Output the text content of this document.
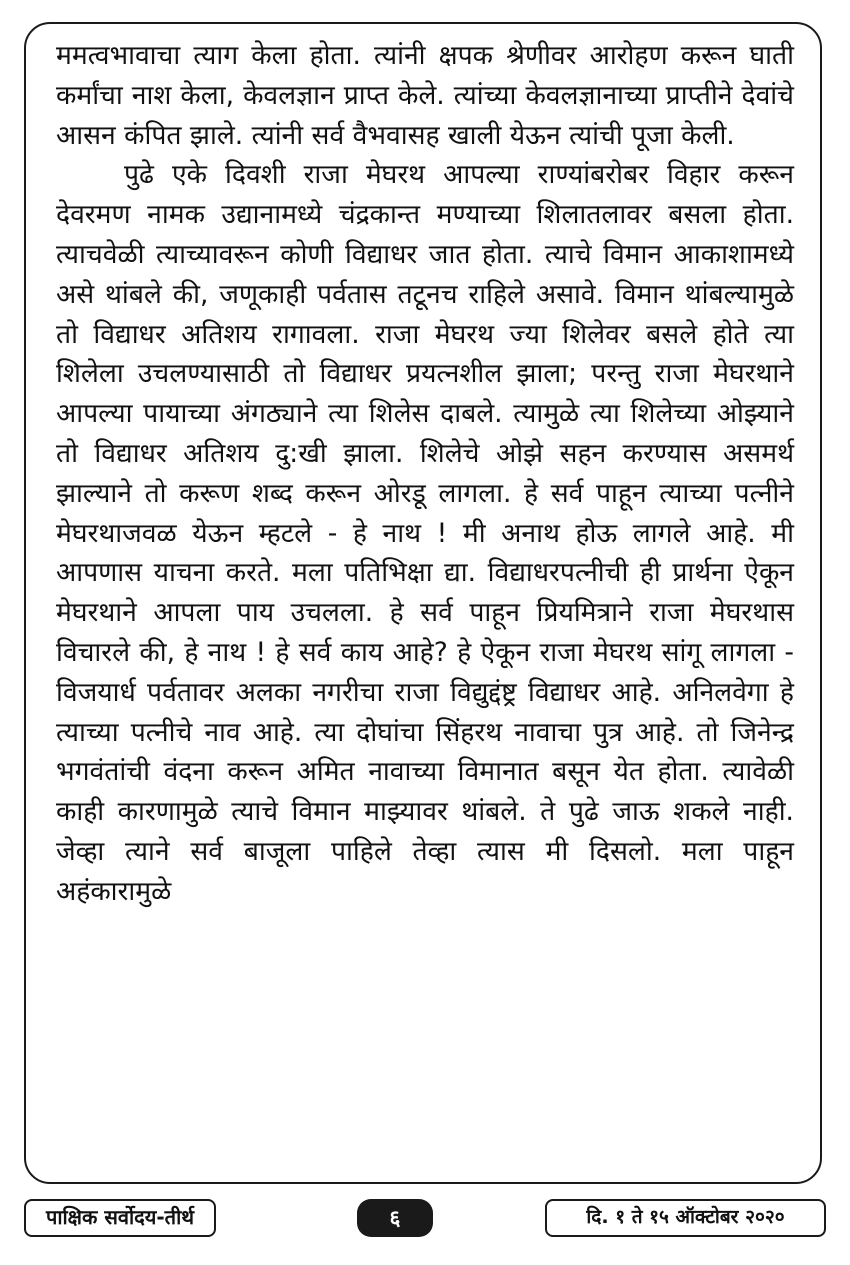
ममत्वभावाचा त्याग केला होता. त्यांनी क्षपक श्रेणीवर आरोहण करून घाती कर्मांचा नाश केला, केवलज्ञान प्राप्त केले. त्यांच्या केवलज्ञानाच्या प्राप्तीने देवांचे आसन कंपित झाले. त्यांनी सर्व वैभवासह खाली येऊन त्यांची पूजा केली.

पुढे एके दिवशी राजा मेघरथ आपल्या राण्यांबरोबर विहार करून देवरमण नामक उद्यानामध्ये चंद्रकान्त मण्याच्या शिलातलावर बसला होता. त्याचवेळी त्याच्यावरून कोणी विद्याधर जात होता. त्याचे विमान आकाशामध्ये असे थांबले की, जणूकाही पर्वतास तटूनच राहिले असावे. विमान थांबल्यामुळे तो विद्याधर अतिशय रागावला. राजा मेघरथ ज्या शिलेवर बसले होते त्या शिलेला उचलण्यासाठी तो विद्याधर प्रयत्नशील झाला; परन्तु राजा मेघरथाने आपल्या पायाच्या अंगठ्याने त्या शिलेस दाबले. त्यामुळे त्या शिलेच्या ओझ्याने तो विद्याधर अतिशय दु:खी झाला. शिलेचे ओझे सहन करण्यास असमर्थ झाल्याने तो करूण शब्द करून ओरडू लागला. हे सर्व पाहून त्याच्या पत्नीने मेघरथाजवळ येऊन म्हटले - हे नाथ ! मी अनाथ होऊ लागले आहे. मी आपणास याचना करते. मला पतिभिक्षा द्या. विद्याधरपत्नीची ही प्रार्थना ऐकून मेघरथाने आपला पाय उचलला. हे सर्व पाहून प्रियमित्राने राजा मेघरथास विचारले की, हे नाथ ! हे सर्व काय आहे? हे ऐकून राजा मेघरथ सांगू लागला - विजयार्ध पर्वतावर अलका नगरीचा राजा विद्युद्दंष्ट्र विद्याधर आहे. अनिलवेगा हे त्याच्या पत्नीचे नाव आहे. त्या दोघांचा सिंहरथ नावाचा पुत्र आहे. तो जिनेन्द्र भगवंतांची वंदना करून अमित नावाच्या विमानात बसून येत होता. त्यावेळी काही कारणामुळे त्याचे विमान माझ्यावर थांबले. ते पुढे जाऊ शकले नाही. जेव्हा त्याने सर्व बाजूला पाहिले तेव्हा त्यास मी दिसलो. मला पाहून अहंकारामुळे

पाक्षिक सर्वोदय-तीर्थ	६	दि. १ ते १५ ऑक्टोबर २०२०
